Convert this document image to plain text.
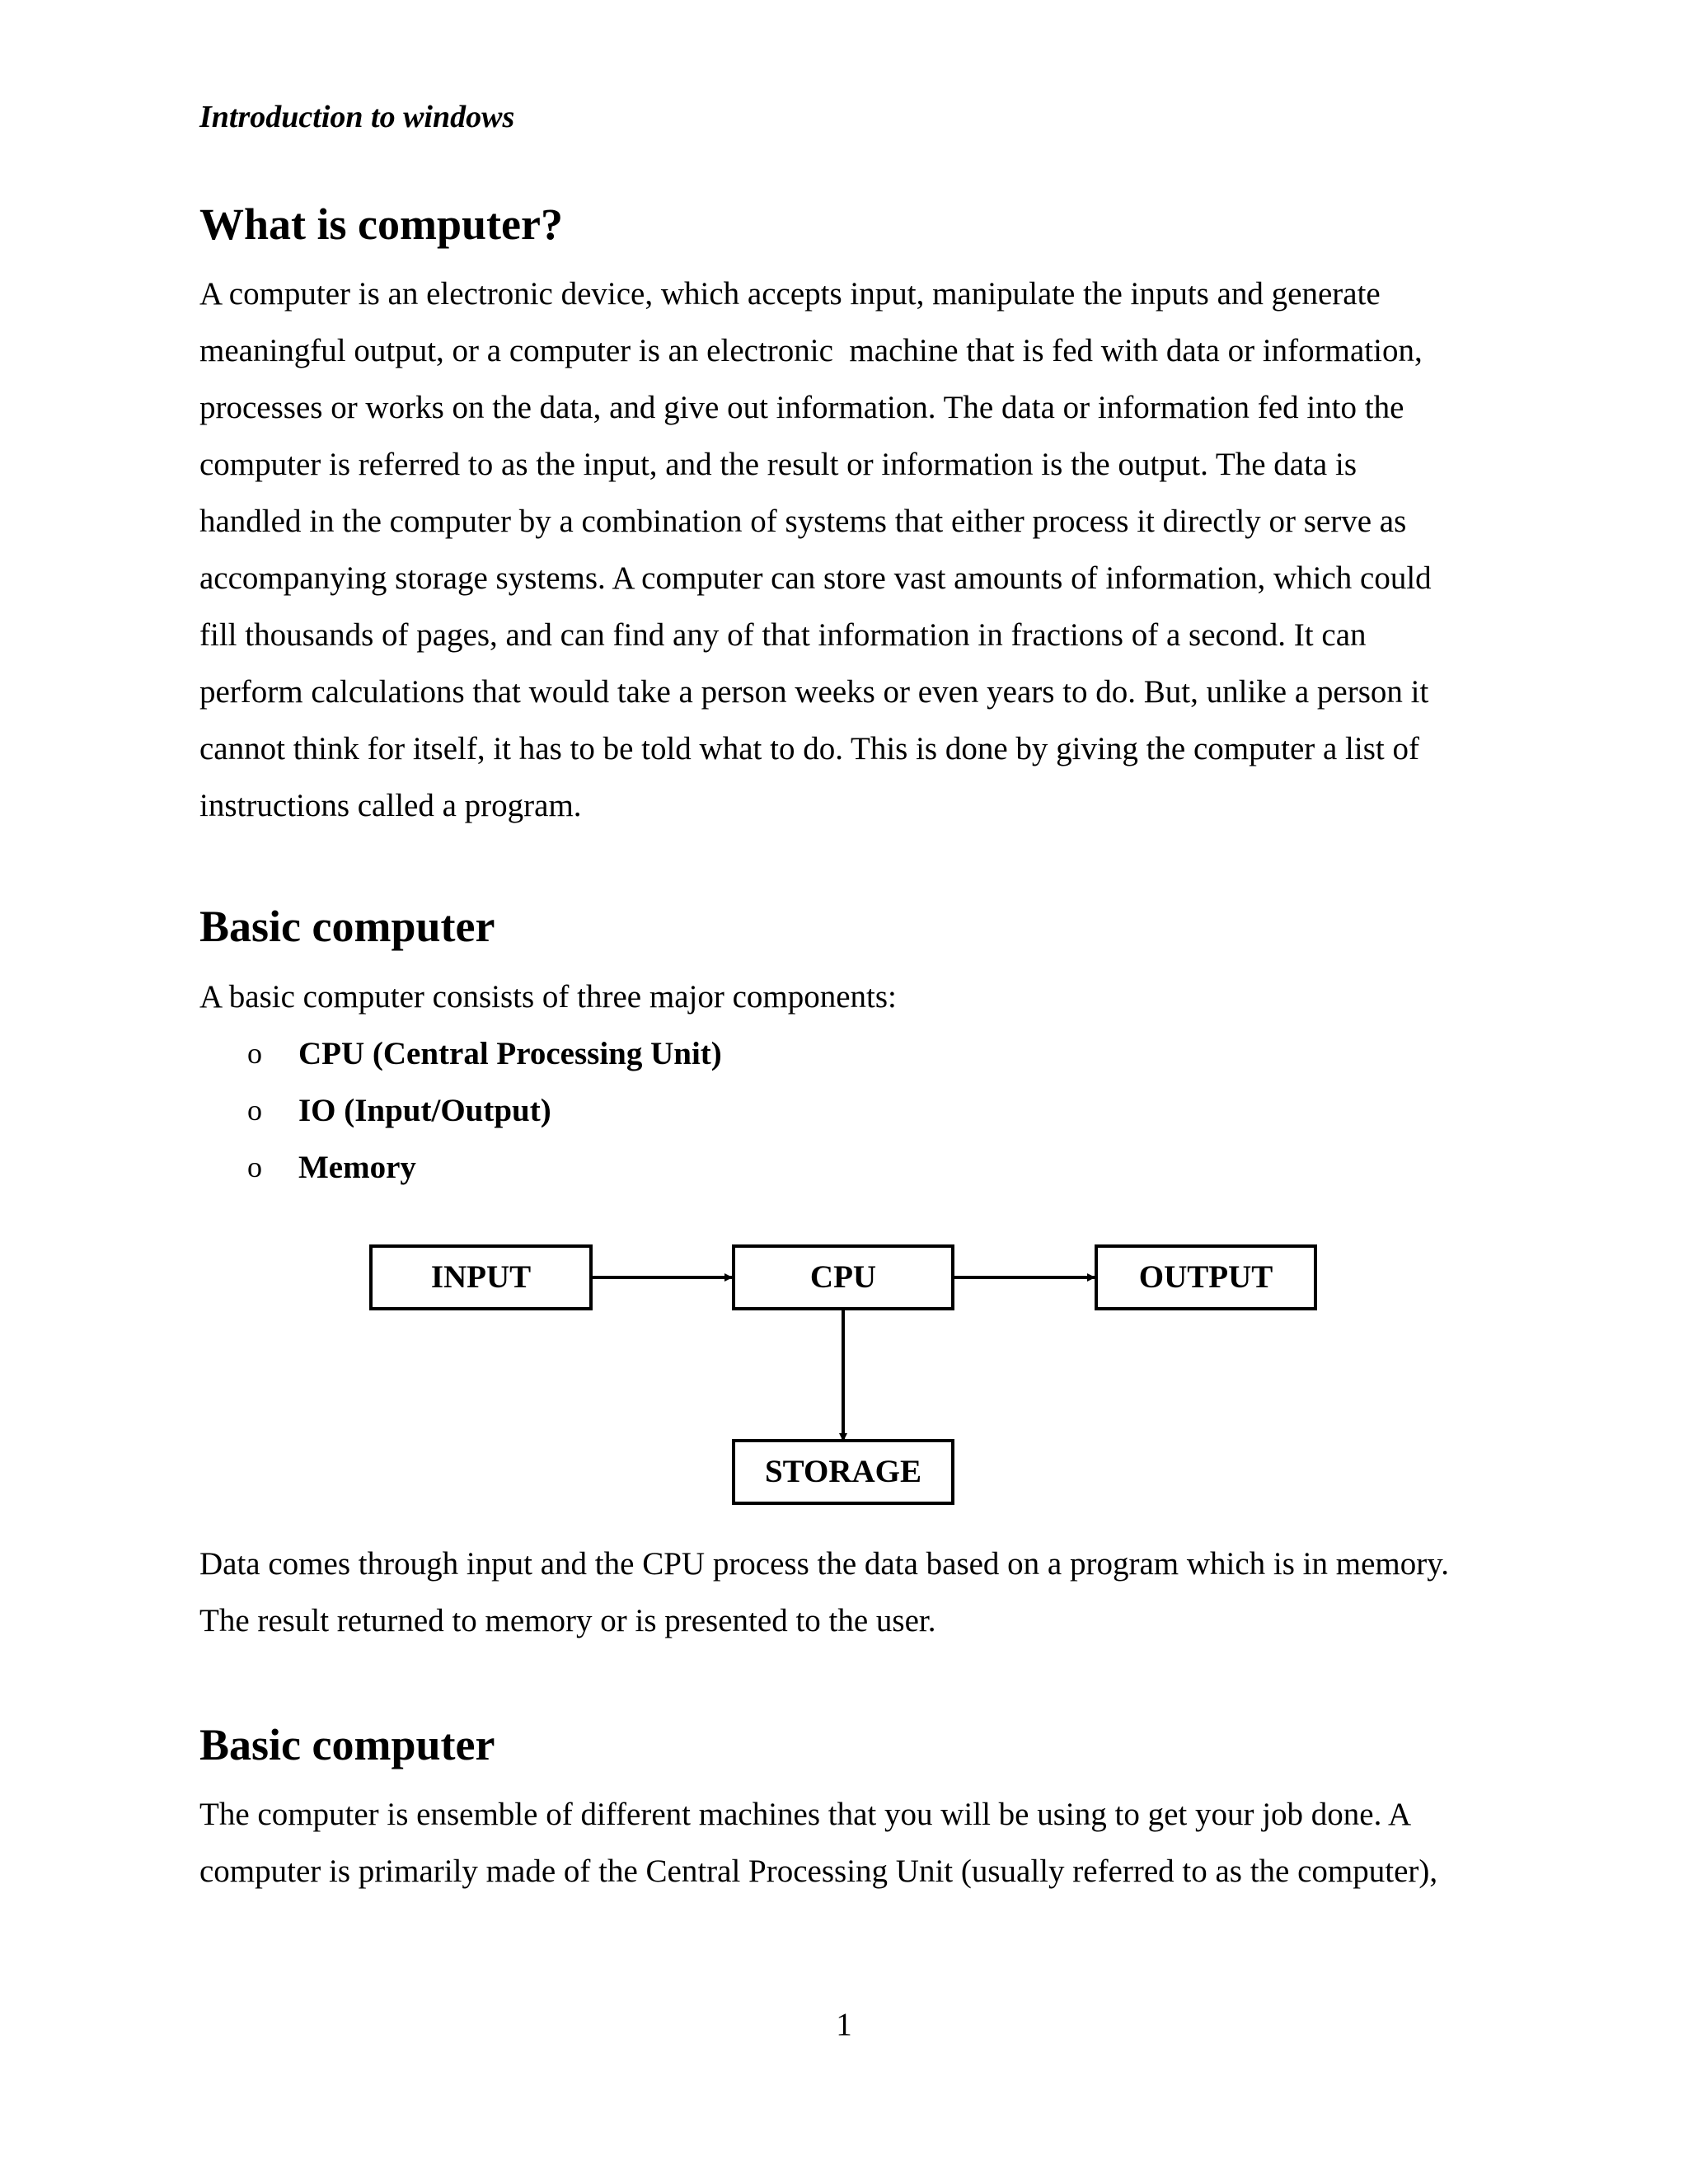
Introduction to windows
What is computer?
A computer is an electronic device, which accepts input, manipulate the inputs and generate
meaningful output, or a computer is an electronic  machine that is fed with data or information,
processes or works on the data, and give out information. The data or information fed into the
computer is referred to as the input, and the result or information is the output. The data is
handled in the computer by a combination of systems that either process it directly or serve as
accompanying storage systems. A computer can store vast amounts of information, which could
fill thousands of pages, and can find any of that information in fractions of a second. It can
perform calculations that would take a person weeks or even years to do. But, unlike a person it
cannot think for itself, it has to be told what to do. This is done by giving the computer a list of
instructions called a program.
Basic computer
A basic computer consists of three major components:
o CPU (Central Processing Unit)
o IO (Input/Output)
o Memory
INPUT	CPU	OUTPUT
STORAGE
Data comes through input and the CPU process the data based on a program which is in memory.
The result returned to memory or is presented to the user.
Basic computer
The computer is ensemble of different machines that you will be using to get your job done. A
computer is primarily made of the Central Processing Unit (usually referred to as the computer),
1
